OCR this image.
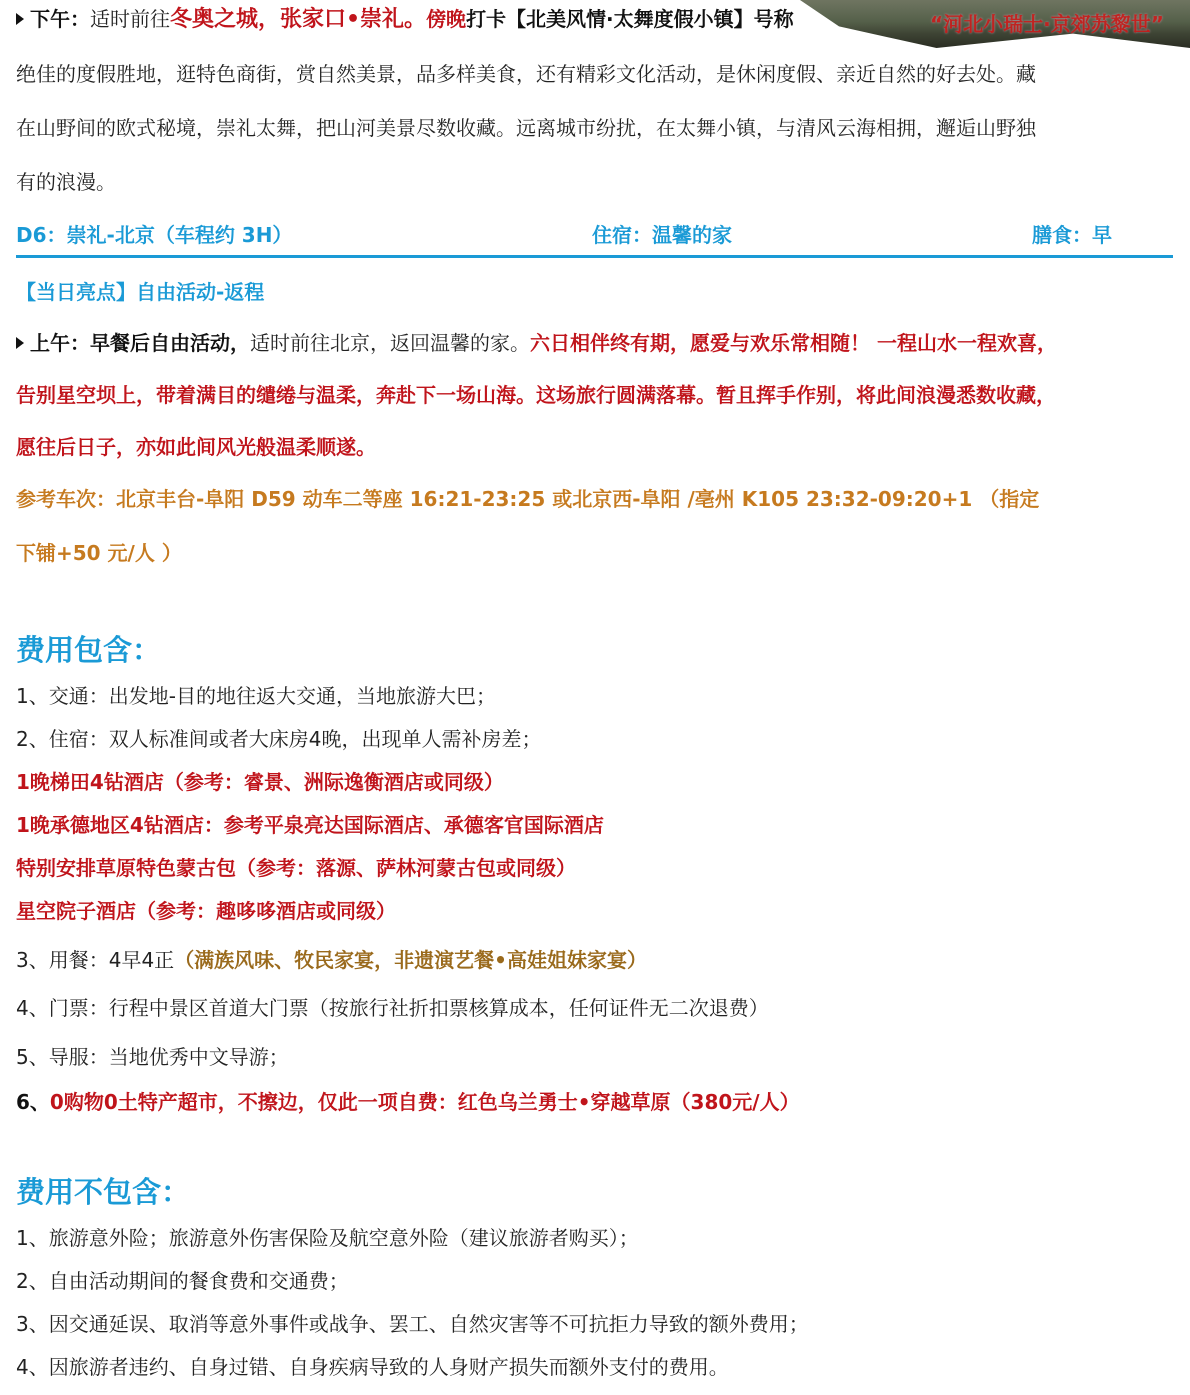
“河北小瑞士·京郊苏黎世”
下午：适时前往冬奥之城，张家口•崇礼。傍晚打卡【北美风情·太舞度假小镇】号称
绝佳的度假胜地，逛特色商街，赏自然美景，品多样美食，还有精彩文化活动，是休闲度假、亲近自然的好去处。藏
在山野间的欧式秘境，崇礼太舞，把山河美景尽数收藏。远离城市纷扰，在太舞小镇，与清风云海相拥，邂逅山野独
有的浪漫。
D6：崇礼-北京（车程约 3H）	住宿：温馨的家	膳食：早
【当日亮点】自由活动-返程
上午：早餐后自由活动，适时前往北京，返回温馨的家。六日相伴终有期，愿爱与欢乐常相随！ 一程山水一程欢喜，
告别星空坝上，带着满目的缱绻与温柔，奔赴下一场山海。这场旅行圆满落幕。暂且挥手作别，将此间浪漫悉数收藏，
愿往后日子，亦如此间风光般温柔顺遂。
参考车次：北京丰台-阜阳 D59 动车二等座 16:21-23:25 或北京西-阜阳 /亳州 K105 23:32-09:20+1 （指定
下铺+50 元/人 ）
费用包含：
1、交通：出发地-目的地往返大交通，当地旅游大巴；
2、住宿：双人标准间或者大床房4晚，出现单人需补房差；
1晚梯田4钻酒店（参考：睿景、洲际逸衡酒店或同级）
1晚承德地区4钻酒店：参考平泉亮达国际酒店、承德客官国际酒店
特别安排草原特色蒙古包（参考：落源、萨林河蒙古包或同级）
星空院子酒店（参考：趣哆哆酒店或同级）
3、用餐：4早4正（满族风味、牧民家宴，非遗演艺餐•高娃姐妹家宴）
4、门票：行程中景区首道大门票（按旅行社折扣票核算成本，任何证件无二次退费）
5、导服：当地优秀中文导游；
6、0购物0土特产超市，不擦边，仅此一项自费：红色乌兰勇士•穿越草原（380元/人）
费用不包含：
1、旅游意外险；旅游意外伤害保险及航空意外险（建议旅游者购买）；
2、自由活动期间的餐食费和交通费；
3、因交通延误、取消等意外事件或战争、罢工、自然灾害等不可抗拒力导致的额外费用；
4、因旅游者违约、自身过错、自身疾病导致的人身财产损失而额外支付的费用。
